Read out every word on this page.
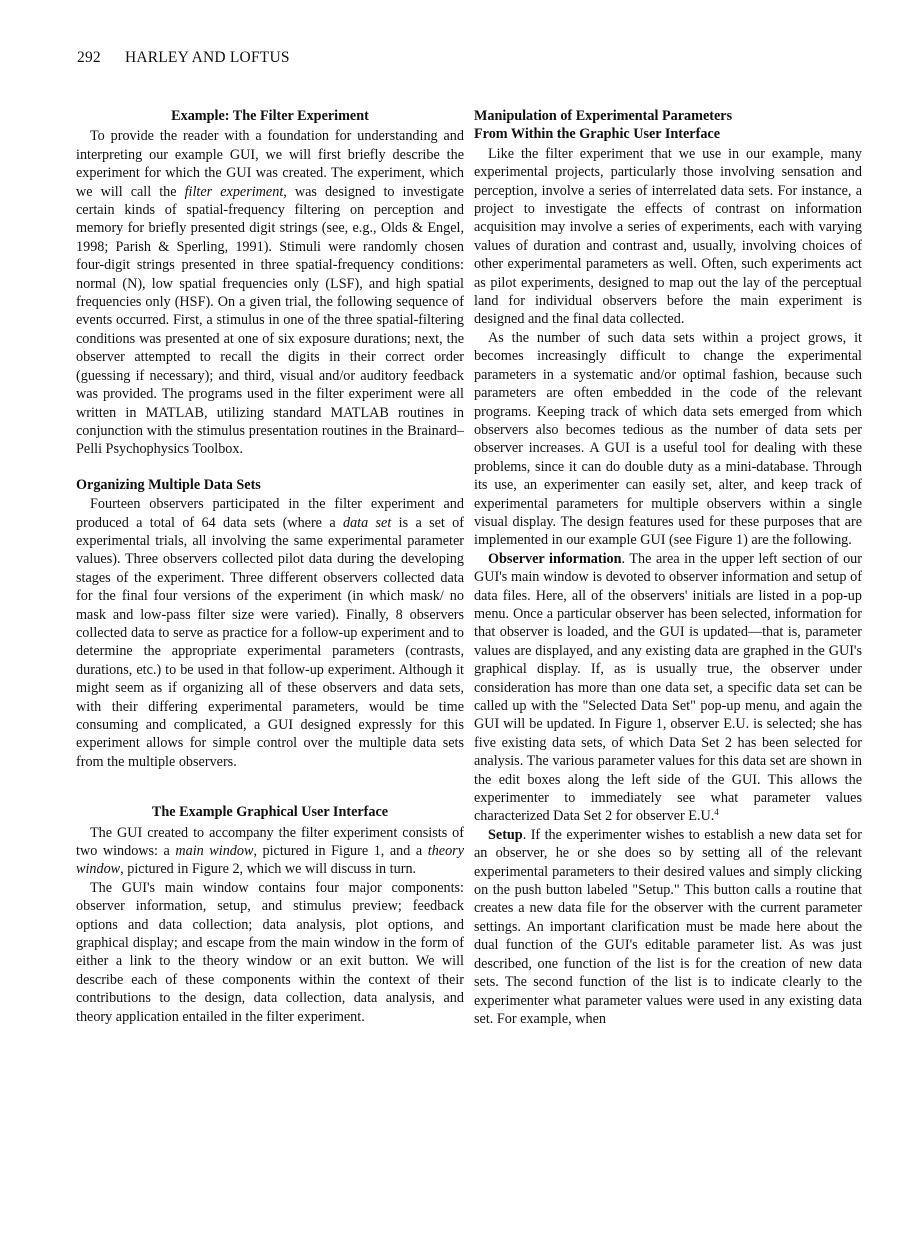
292 HARLEY AND LOFTUS
Example: The Filter Experiment

To provide the reader with a foundation for understanding and interpreting our example GUI, we will first briefly describe the experiment for which the GUI was created. The experiment, which we will call the filter experiment, was designed to investigate certain kinds of spatial-frequency filtering on perception and memory for briefly presented digit strings (see, e.g., Olds & Engel, 1998; Parish & Sperling, 1991). Stimuli were randomly chosen four-digit strings presented in three spatial-frequency conditions: normal (N), low spatial frequencies only (LSF), and high spatial frequencies only (HSF). On a given trial, the following sequence of events occurred. First, a stimulus in one of the three spatial-filtering conditions was presented at one of six exposure durations; next, the observer attempted to recall the digits in their correct order (guessing if necessary); and third, visual and/or auditory feedback was provided. The programs used in the filter experiment were all written in MATLAB, utilizing standard MATLAB routines in conjunction with the stimulus presentation routines in the Brainard–Pelli Psychophysics Toolbox.

Organizing Multiple Data Sets

Fourteen observers participated in the filter experiment and produced a total of 64 data sets (where a data set is a set of experimental trials, all involving the same experimental parameter values). Three observers collected pilot data during the developing stages of the experiment. Three different observers collected data for the final four versions of the experiment (in which mask/ no mask and low-pass filter size were varied). Finally, 8 observers collected data to serve as practice for a follow-up experiment and to determine the appropriate experimental parameters (contrasts, durations, etc.) to be used in that follow-up experiment. Although it might seem as if organizing all of these observers and data sets, with their differing experimental parameters, would be time consuming and complicated, a GUI designed expressly for this experiment allows for simple control over the multiple data sets from the multiple observers.

The Example Graphical User Interface

The GUI created to accompany the filter experiment consists of two windows: a main window, pictured in Figure 1, and a theory window, pictured in Figure 2, which we will discuss in turn.

The GUI's main window contains four major components: observer information, setup, and stimulus preview; feedback options and data collection; data analysis, plot options, and graphical display; and escape from the main window in the form of either a link to the theory window or an exit button. We will describe each of these components within the context of their contributions to the design, data collection, data analysis, and theory application entailed in the filter experiment.

Manipulation of Experimental Parameters
From Within the Graphic User Interface

Like the filter experiment that we use in our example, many experimental projects, particularly those involving sensation and perception, involve a series of interrelated data sets. For instance, a project to investigate the effects of contrast on information acquisition may involve a series of experiments, each with varying values of duration and contrast and, usually, involving choices of other experimental parameters as well. Often, such experiments act as pilot experiments, designed to map out the lay of the perceptual land for individual observers before the main experiment is designed and the final data collected.

As the number of such data sets within a project grows, it becomes increasingly difficult to change the experimental parameters in a systematic and/or optimal fashion, because such parameters are often embedded in the code of the relevant programs. Keeping track of which data sets emerged from which observers also becomes tedious as the number of data sets per observer increases. A GUI is a useful tool for dealing with these problems, since it can do double duty as a mini-database. Through its use, an experimenter can easily set, alter, and keep track of experimental parameters for multiple observers within a single visual display. The design features used for these purposes that are implemented in our example GUI (see Figure 1) are the following.

Observer information. The area in the upper left section of our GUI's main window is devoted to observer information and setup of data files. Here, all of the observers' initials are listed in a pop-up menu. Once a particular observer has been selected, information for that observer is loaded, and the GUI is updated—that is, parameter values are displayed, and any existing data are graphed in the GUI's graphical display. If, as is usually true, the observer under consideration has more than one data set, a specific data set can be called up with the "Selected Data Set" pop-up menu, and again the GUI will be updated. In Figure 1, observer E.U. is selected; she has five existing data sets, of which Data Set 2 has been selected for analysis. The various parameter values for this data set are shown in the edit boxes along the left side of the GUI. This allows the experimenter to immediately see what parameter values characterized Data Set 2 for observer E.U.$^4$

Setup. If the experimenter wishes to establish a new data set for an observer, he or she does so by setting all of the relevant experimental parameters to their desired values and simply clicking on the push button labeled "Setup." This button calls a routine that creates a new data file for the observer with the current parameter settings. An important clarification must be made here about the dual function of the GUI's editable parameter list. As was just described, one function of the list is for the creation of new data sets. The second function of the list is to indicate clearly to the experimenter what parameter values were used in any existing data set. For example, when
